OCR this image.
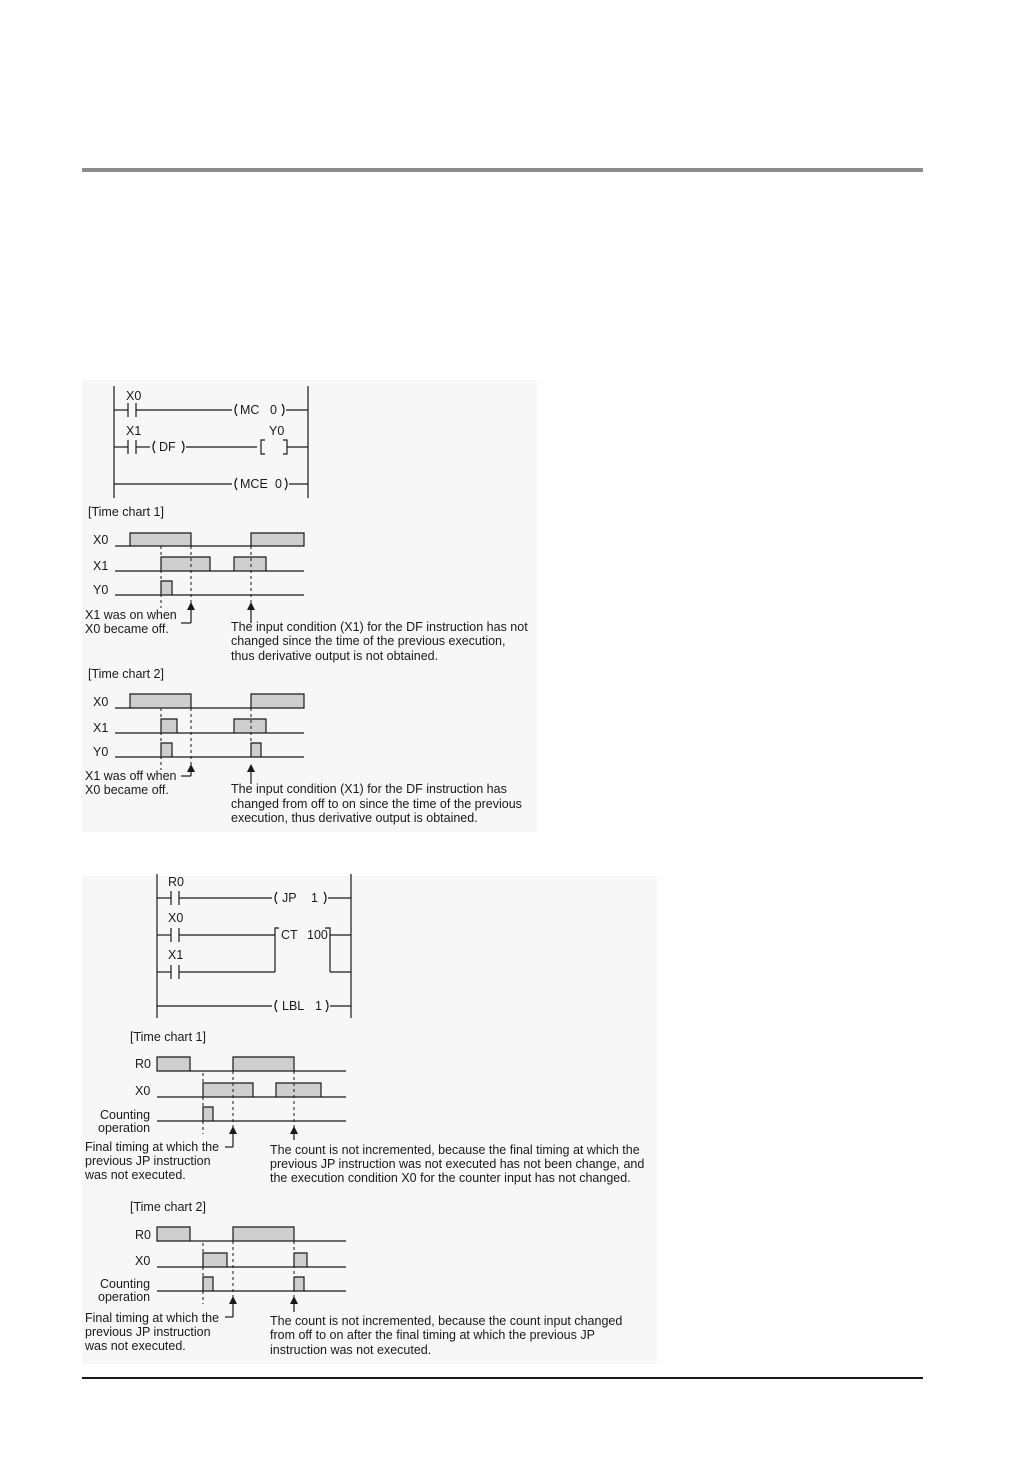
X0
MC 0
X1	Y0
DF
MCE 0
[Time chart 1]
X0
X1
Y0
X1 was on when
X0 became off.	The input condition (X1) for the DF instruction has not
changed since the time of the previous execution,
thus derivative output is not obtained.
[Time chart 2]
X0
X1
Y0
X1 was off when
X0 became off.	The input condition (X1) for the DF instruction has
changed from off to on since the time of the previous
execution, thus derivative output is obtained.
R0
JP 1
X0
CT 100
X1
LBL 1
[Time chart 1]
R0
X0
Counting
operation
Final timing at which the
previous JP instruction
was not executed.
The count is not incremented, because the final timing at which the
previous JP instruction was not executed has not been change, and
the execution condition X0 for the counter input has not changed.
[Time chart 2]
R0
X0
Counting
operation
Final timing at which the
previous JP instruction
was not executed.
The count is not incremented, because the count input changed
from off to on after the final timing at which the previous JP
instruction was not executed.
